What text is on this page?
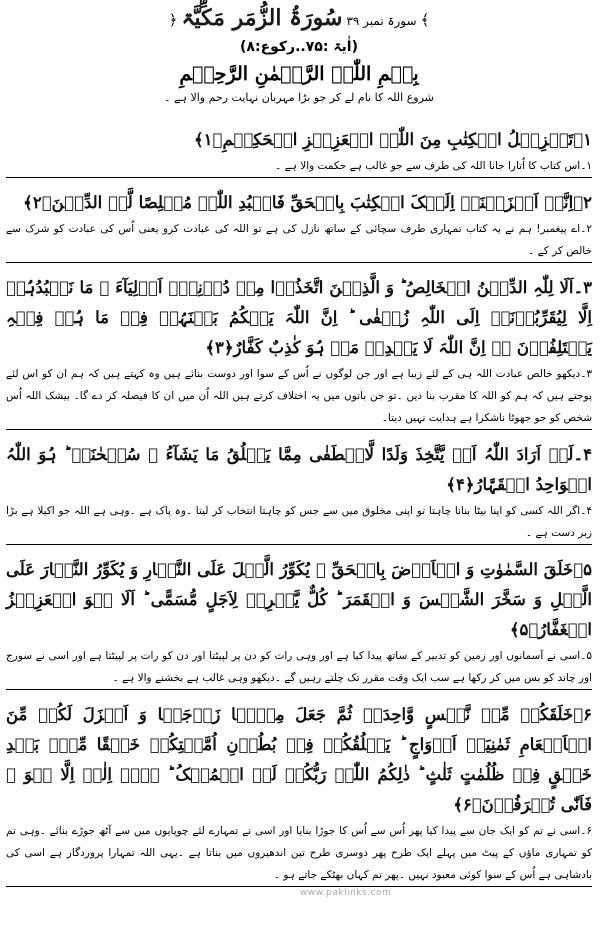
﴾
سورۃ نمبر ۳۹
سُورَۃُ الزُّمَر مَکِّیَّۃ
﴿
(اٰیۃ :۷۵..رکوع:۸)
بِسۡمِ اللّٰہِ الرَّحۡمٰنِ الرَّحِیۡمِ
شروع اللہ کا نام لے کر جو بڑا مہربان نہایت رحم والا ہے ۔
۱۔تَنۡزِیۡلُ الۡکِتٰبِ مِنَ اللّٰہِ الۡعَزِیۡزِ الۡحَکِیۡمِ﴿۱﴾
۱۔اس کتاب کا اُتارا جانا اللہ کی طرف سے جو غالب ہے حکمت والا ہے ۔
۲۔اِنَّاۤ اَنۡزَلۡنَاۤ اِلَیۡکَ الۡکِتٰبَ بِالۡحَقِّ فَاعۡبُدِ اللّٰہَ مُخۡلِصًا لَّہُ الدِّیۡنَ﴿۲﴾
۲۔اے پیغمبر! ہم نے یہ کتاب تمہاری طرف سچائی کے ساتھ نازل کی ہے تو اللہ کی عبادت کرو یعنی اُس کی عبادت کو شرک سے خالص کر کے ۔
۳۔اَلَا لِلّٰہِ الدِّیۡنُ الۡخَالِصُ ؕ وَ الَّذِیۡنَ اتَّخَذُوۡا مِنۡ دُوۡنِہٖۤ اَوۡلِیَآءَ ۘ مَا نَعۡبُدُہُمۡ اِلَّا لِیُقَرِّبُوۡنَاۤ اِلَی اللّٰہِ زُلۡفٰی ؕ اِنَّ اللّٰہَ یَحۡکُمُ بَیۡنَہُمۡ فِیۡ مَا ہُمۡ فِیۡہِ یَخۡتَلِفُوۡنَ ۬ؕ اِنَّ اللّٰہَ لَا یَہۡدِیۡ مَنۡ ہُوَ کٰذِبٌ کَفَّارٌ﴿۳﴾
۳۔دیکھو خالص عبادت اللہ ہی کے لئے زیبا ہے اور جن لوگوں نے اُس کے سوا اور دوست بنائے ہیں وہ کہتے ہیں کہ ہم ان کو اس لئے پوجتے ہیں کہ ہم کو اللہ کا مقرب بنا دیں ۔تو جن باتوں میں یہ اختلاف کرتے ہیں اللہ اُن میں ان کا فیصلہ کر دے گا۔ بیشک اللہ اُس شخص کو جو جھوٹا ناشکرا ہے ہدایت نہیں دیتا۔
۴۔لَوۡ اَرَادَ اللّٰہُ اَنۡ یَّتَّخِذَ وَلَدًا لَّاصۡطَفٰی مِمَّا یَخۡلُقُ مَا یَشَآءُ ۙ سُبۡحٰنَہٗ ؕ ہُوَ اللّٰہُ الۡوَاحِدُ الۡقَہَّارُ﴿۴﴾
۴۔اگر اللہ کسی کو اپنا بیٹا بنانا چاہتا تو اپنی مخلوق میں سے جس کو چاہتا انتخاب کر لیتا ۔وہ پاک ہے ۔وہی ہے اللہ جو اکیلا ہے بڑا زبر دست ہے ۔
۵۔خَلَقَ السَّمٰوٰتِ وَ الۡاَرۡضَ بِالۡحَقِّ ۚ یُکَوِّرُ الَّیۡلَ عَلَی النَّہَارِ وَ یُکَوِّرُ النَّہَارَ عَلَی الَّیۡلِ وَ سَخَّرَ الشَّمۡسَ وَ الۡقَمَرَ ؕ کُلٌّ یَّجۡرِیۡ لِاَجَلٍ مُّسَمًّی ؕ اَلَا ہُوَ الۡعَزِیۡزُ الۡغَفَّارُ﴿۵﴾
۵۔اسی نے آسمانوں اور زمین کو تدبیر کے ساتھ پیدا کیا ہے اور وہی رات کو دن پر لپیٹتا اور دن کو رات پر لپیٹتا ہے اور اسی نے سورج اور چاند کو بس میں کر رکھا ہے سب ایک وقت مقرر تک چلتے رہیں گے ۔دیکھو وہی غالب ہے بخشنے والا ہے ۔
۶۔خَلَقَکُمۡ مِّنۡ نَّفۡسٍ وَّاحِدَۃٍ ثُمَّ جَعَلَ مِنۡہَا زَوۡجَہَا وَ اَنۡزَلَ لَکُمۡ مِّنَ الۡاَنۡعَامِ ثَمٰنِیَۃَ اَزۡوَاجٍ ؕ یَخۡلُقُکُمۡ فِیۡ بُطُوۡنِ اُمَّہٰتِکُمۡ خَلۡقًا مِّنۡۢ بَعۡدِ خَلۡقٍ فِیۡ ظُلُمٰتٍ ثَلٰثٍ ؕ ذٰلِکُمُ اللّٰہُ رَبُّکُمۡ لَہُ الۡمُلۡکُ ؕ لَاۤ اِلٰہَ اِلَّا ہُوَ ۚ فَاَنّٰی تُصۡرَفُوۡنَ﴿۶﴾
۶۔اسی نے تم کو ایک جان سے پیدا کیا پھر اُس سے اُس کا جوڑا بنایا اور اسی نے تمہارے لئے چوپایوں میں سے آٹھ جوڑے بنائے ۔وہی تم کو تمہاری ماؤں کے پیٹ میں پہلے ایک طرح پھر دوسری طرح تین اندھیروں میں بناتا ہے ۔یہی اللہ تمہارا پروردگار ہے اسی کی بادشاہی ہے اُس کے سوا کوئی معبود نہیں ۔پھر تم کہاں بھٹکے جاتے ہو ۔
www.paklinks.com
